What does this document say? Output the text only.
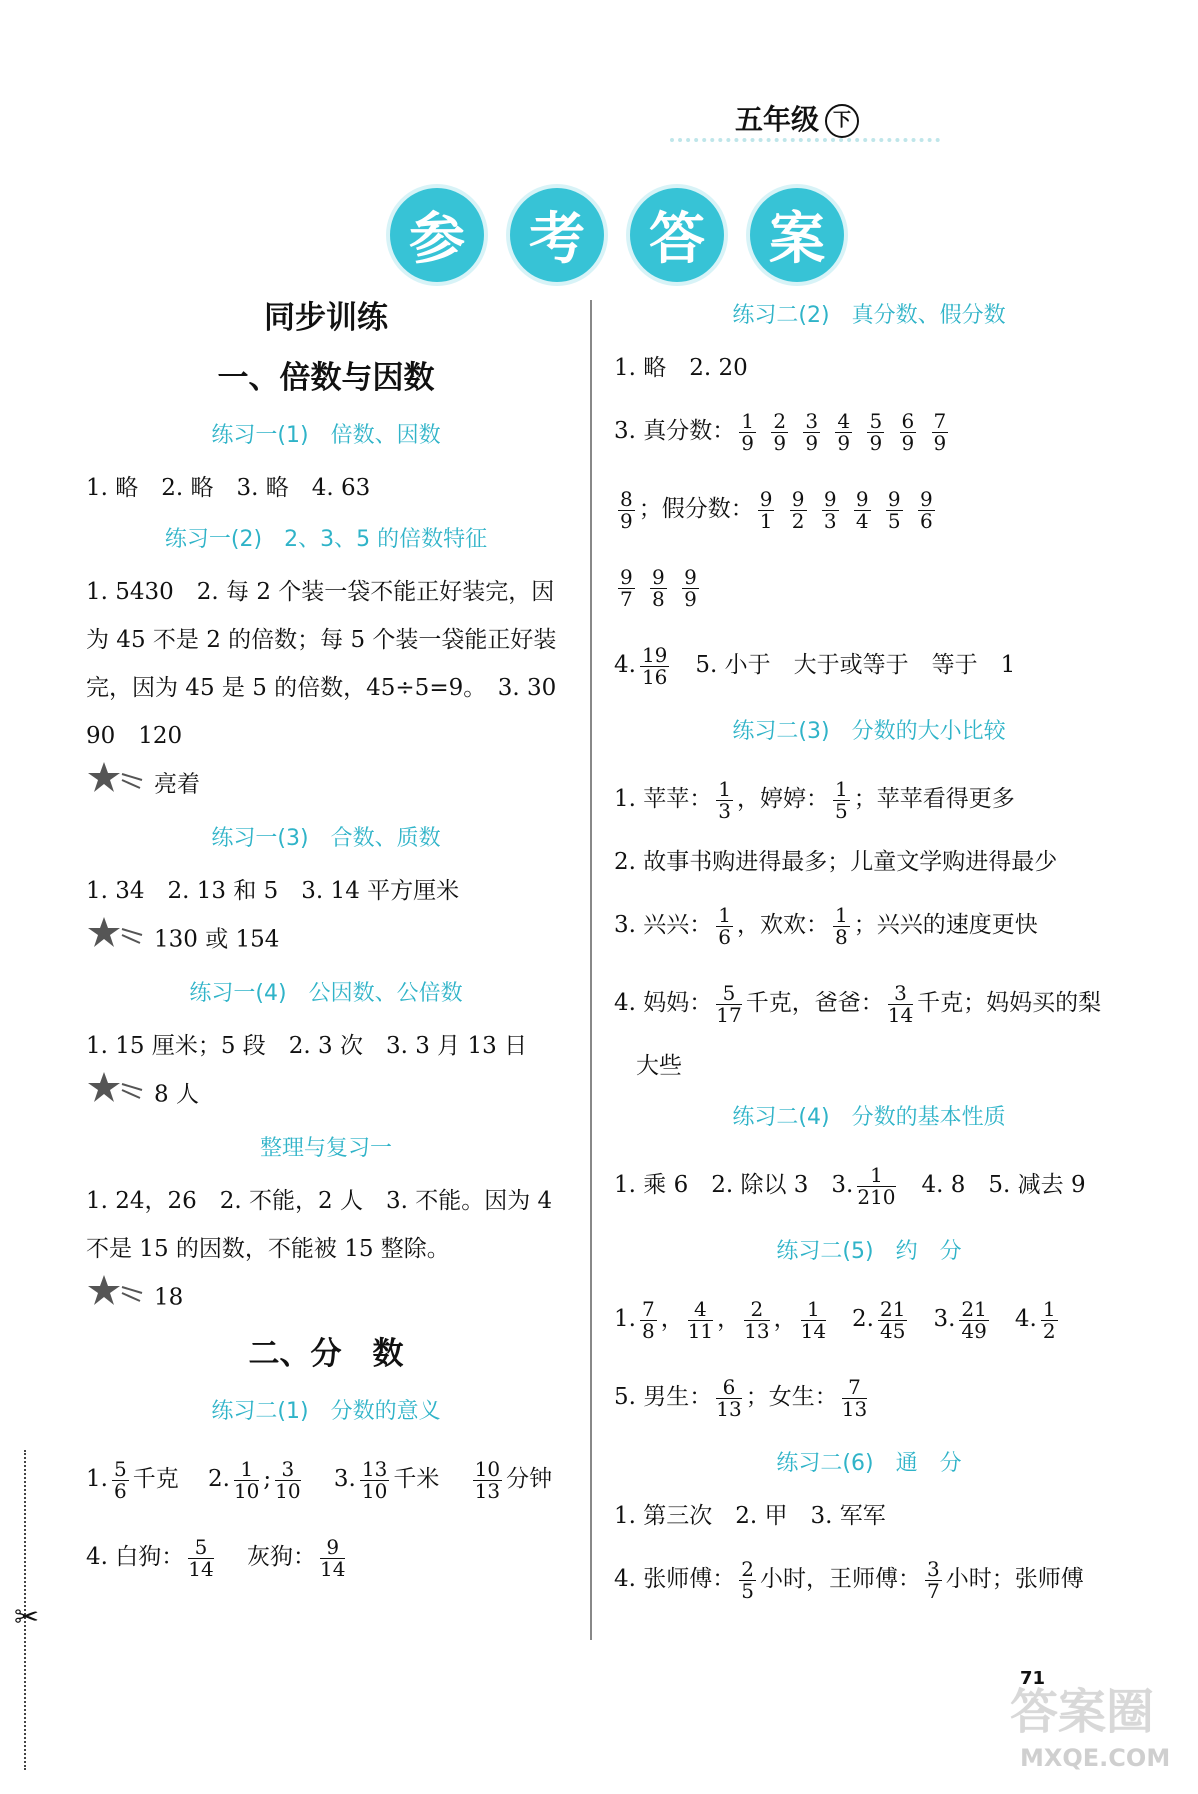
五年级 下
参	考	答	案
同步训练
一、倍数与因数
练习一(1)　倍数、因数
1. 略　2. 略　3. 略　4. 63
练习一(2)　2、3、5 的倍数特征
1. 5430　2. 每 2 个装一袋不能正好装完，因为 45 不是 2 的倍数；每 5 个装一袋能正好装完，因为 45 是 5 的倍数，45÷5=9。　3. 30　90　120
亮着
练习一(3)　合数、质数
1. 34　2. 13 和 5　3. 14 平方厘米
130 或 154
练习一(4)　公因数、公倍数
1. 15 厘米；5 段　2. 3 次　3. 3 月 13 日
8 人
整理与复习一
1. 24，26　2. 不能，2 人　3. 不能。因为 4 不是 15 的因数，不能被 15 整除。
18
二、分　数
练习二(1)　分数的意义
1. $\frac{5}{6}$ 千克 2. $\frac{1}{10}$ ; $\frac{3}{10} 3$. $\frac{13}{10}$ 千米 $\frac{10}{13}$ 分钟
4. 白狗： $\frac{5}{14}$ 灰狗： $\frac{9}{14}$
练习二(2)　真分数、假分数
1. 略　2. 20
3. 真分数： $\frac{1}{9}$
$\frac{2}{9}$
$\frac{3}{9}$
$\frac{4}{9}$
$\frac{5}{9}$
$\frac{6}{9}$
$\frac{7}{9}$
$\frac{8}{9}$ ；假分数： $\frac{9}{1}$
$\frac{9}{2}$
$\frac{9}{3}$
$\frac{9}{4}$
$\frac{9}{5}$
$\frac{9}{6}$
$\frac{9}{7}$
$\frac{9}{8}$
$\frac{9}{9}$
4. $\frac{19}{16} 5$. 小于　大于或等于　等于　1
练习二(3)　分数的大小比较
1. 苹苹： $\frac{1}{3}$ ，婷婷： $\frac{1}{5}$ ；苹苹看得更多
2. 故事书购进得最多；儿童文学购进得最少
3. 兴兴： $\frac{1}{6}$ ，欢欢： $\frac{1}{8}$ ；兴兴的速度更快
4. 妈妈： $\frac{5}{17}$ 千克，爸爸： $\frac{3}{14}$ 千克；妈妈买的梨
大些
练习二(4)　分数的基本性质
1. 乘 6　2. 除以 3　3. $\frac{1}{210} 4$. 8　5. 减去 9
练习二(5)　约　分
1. $\frac{7}{8}$ ， $\frac{4}{11}$ ， $\frac{2}{13}$ ， $\frac{1}{14} 2$. $\frac{21}{45} 3$. $\frac{21}{49} 4$. $\frac{1}{2}$
5. 男生： $\frac{6}{13}$ ；女生： $\frac{7}{13}$
练习二(6)　通　分
1. 第三次　2. 甲　3. 军军
4. 张师傅： $\frac{2}{5}$ 小时，王师傅： $\frac{3}{7}$ 小时；张师傅
✂
71
答案圈
MXQE.COM
